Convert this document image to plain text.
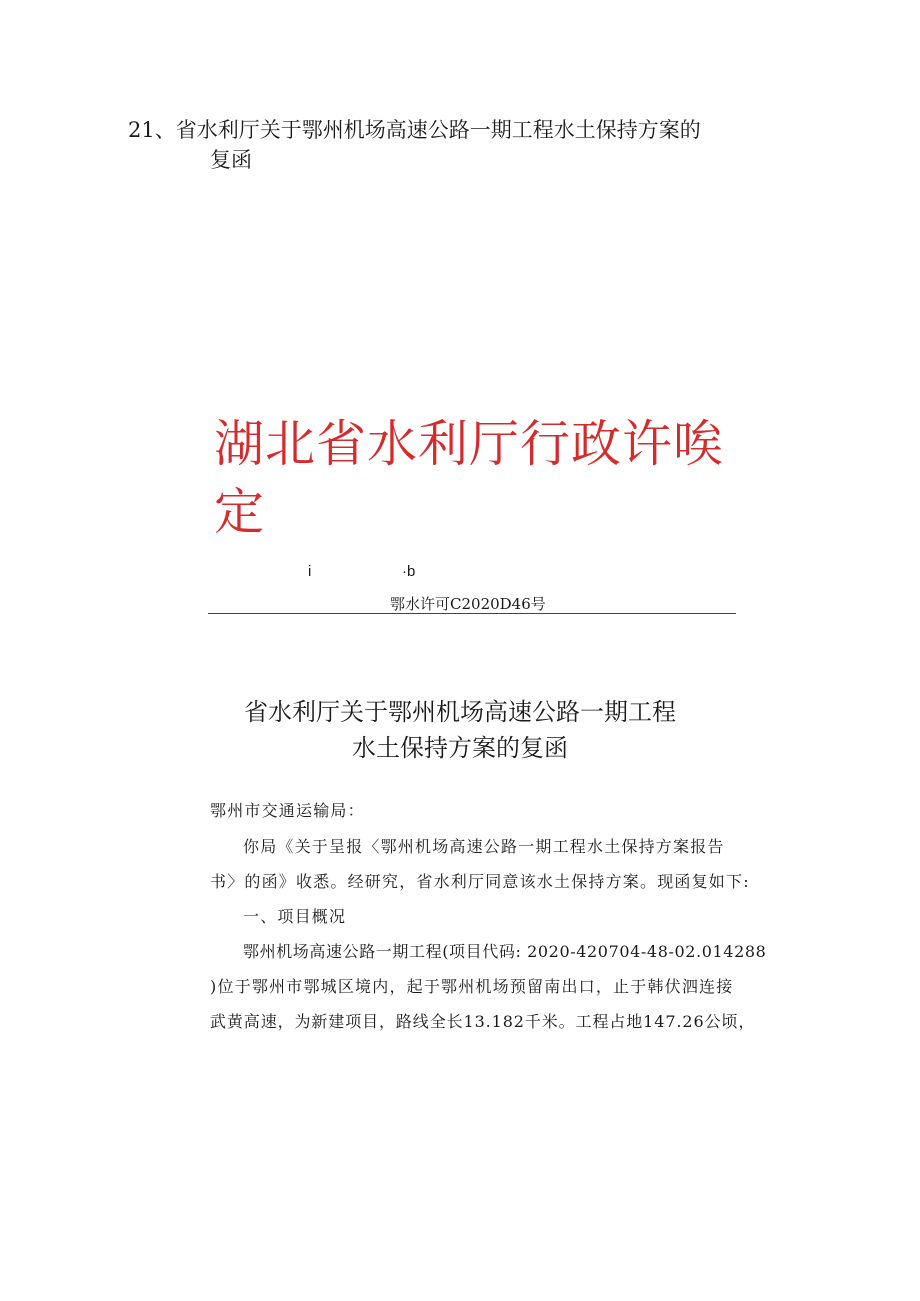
21、省水利厅关于鄂州机场高速公路一期工程水土保持方案的
复函
湖北省水利厅行政许唉
定
i	·b
鄂水许可C2020D46号
省水利厅关于鄂州机场高速公路一期工程
水土保持方案的复函
鄂州市交通运输局：
你局《关于呈报〈鄂州机场高速公路一期工程水土保持方案报告
书〉的函》收悉。经研究，省水利厅同意该水土保持方案。现函复如下:
一、项目概况
鄂州机场高速公路一期工程(项目代码: 2020-420704-48-02.014288
)位于鄂州市鄂城区境内，起于鄂州机场预留南出口，止于韩伏泗连接
武黄高速，为新建项目，路线全长13.182千米。工程占地147.26公顷，
